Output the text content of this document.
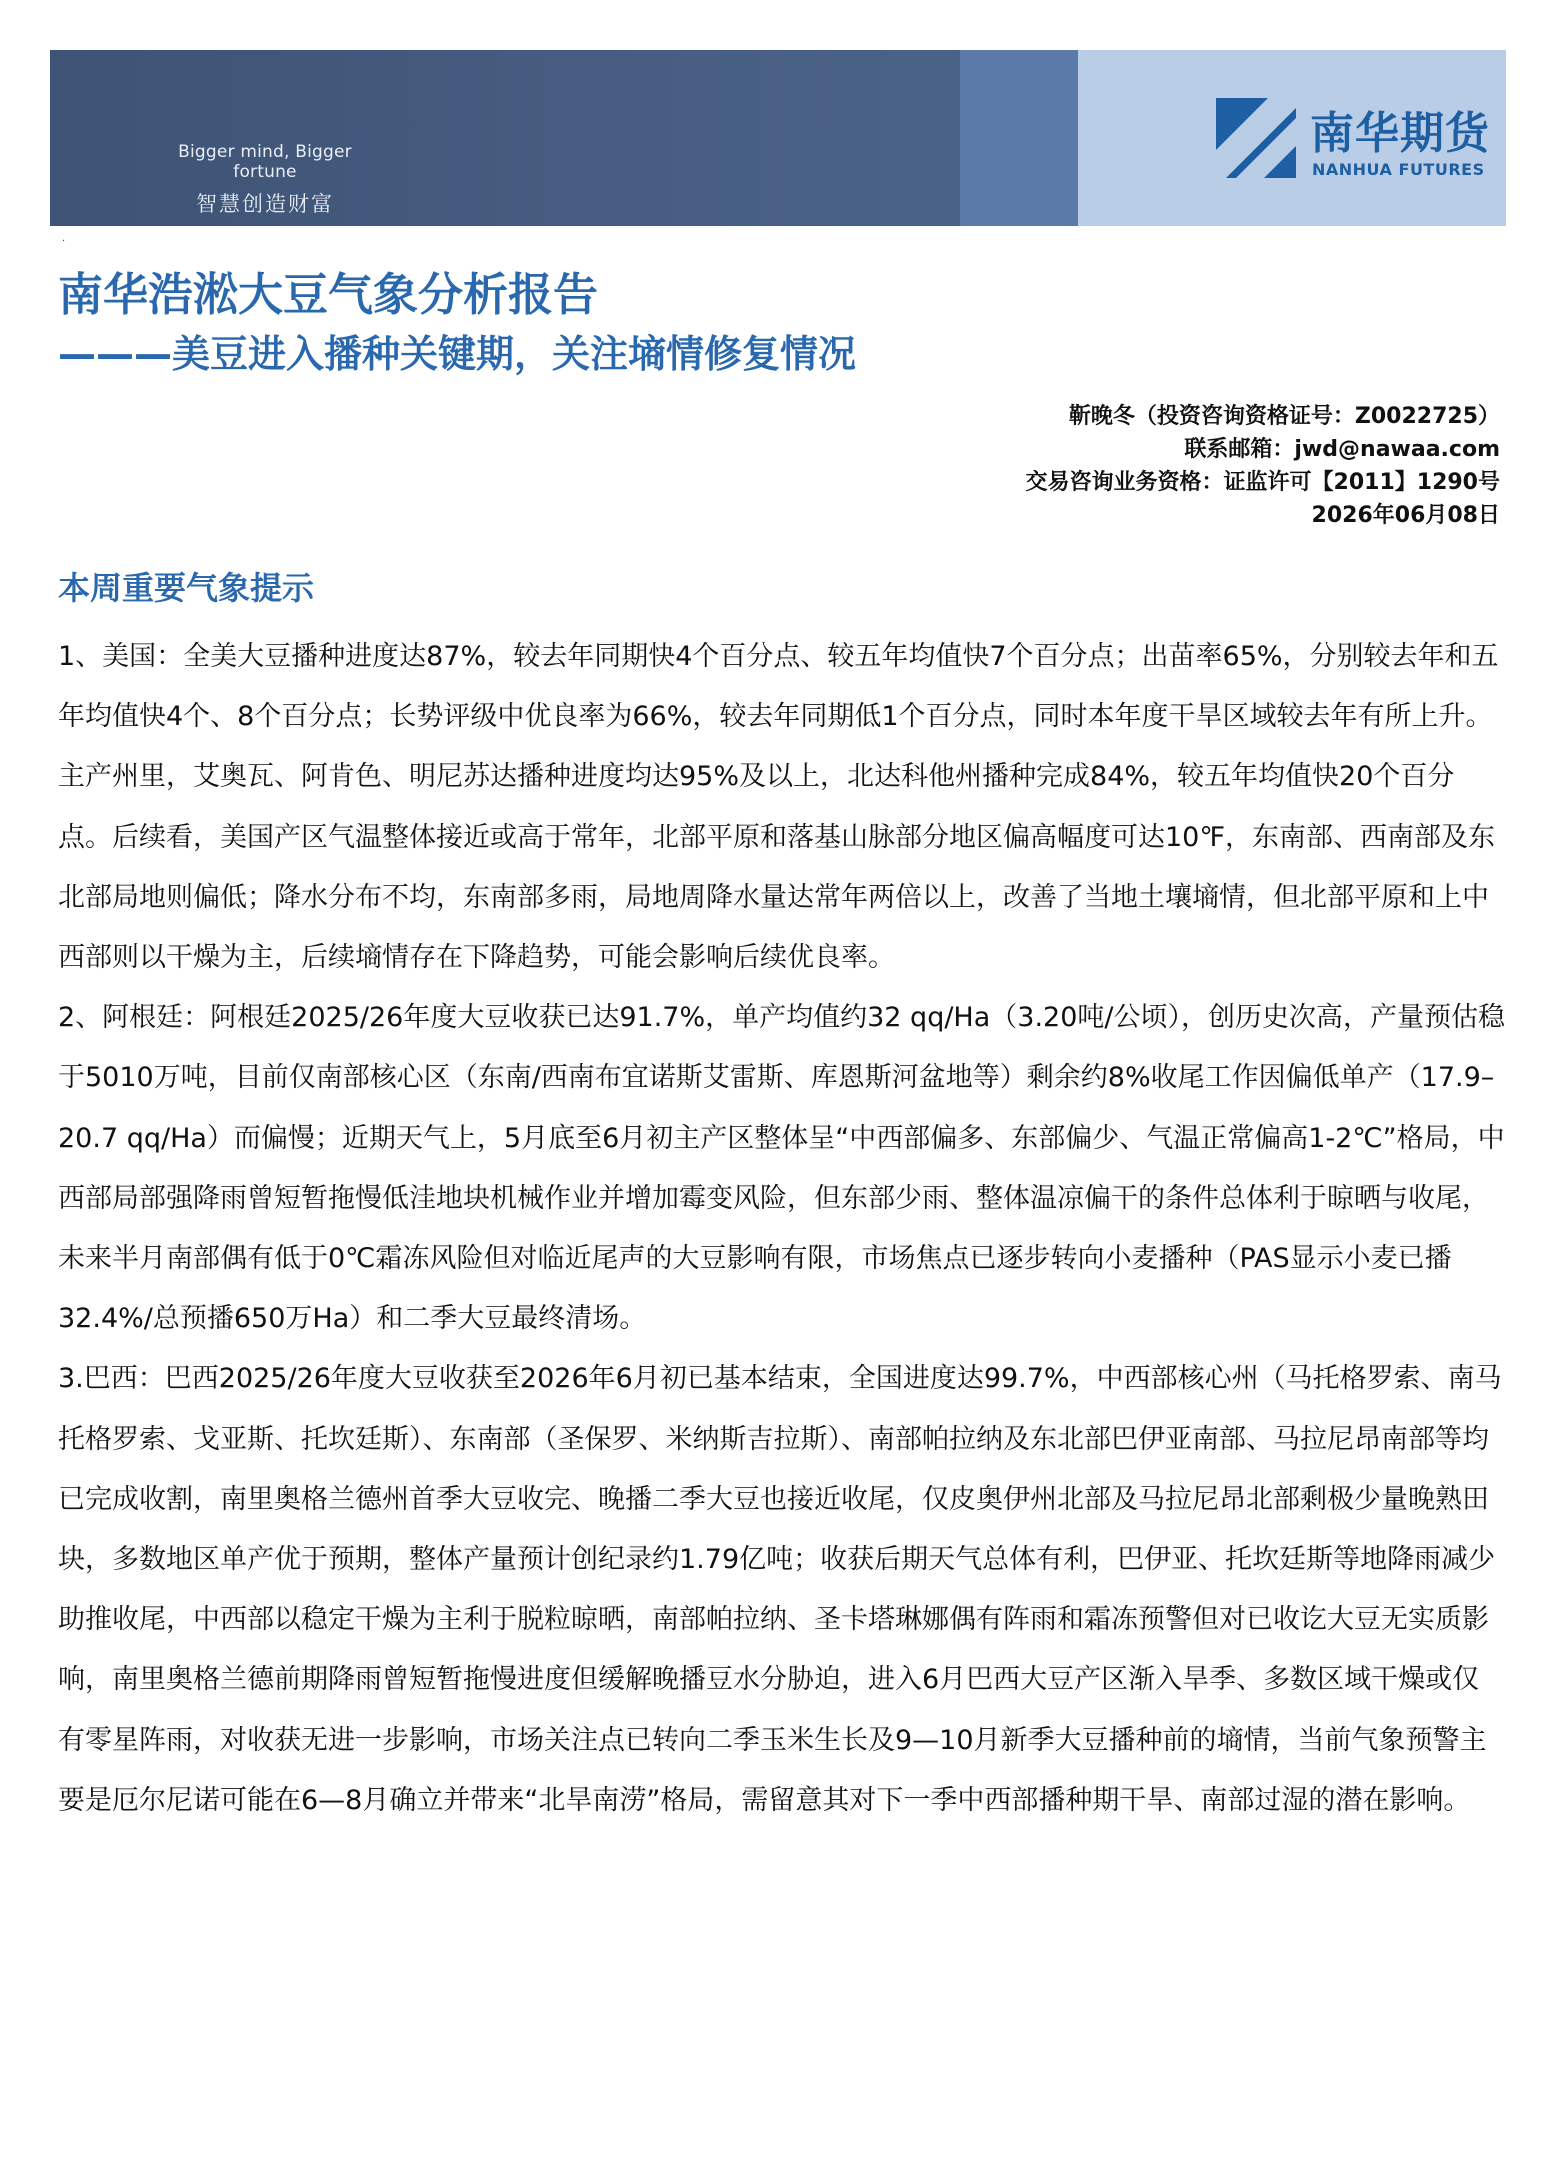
Bigger mind, Bigger fortune
智慧创造财富
南华期货
NANHUA FUTURES
.
南华浩淞大豆气象分析报告
———美豆进入播种关键期，关注墒情修复情况
靳晚冬（投资咨询资格证号：Z0022725）
联系邮箱：jwd@nawaa.com
交易咨询业务资格：证监许可【2011】1290号
2026年06月08日
本周重要气象提示

1、美国：全美大豆播种进度达87%，较去年同期快4个百分点、较五年均值快7个百分点；出苗率65%，分别较去年和五年均值快4个、8个百分点；长势评级中优良率为66%，较去年同期低1个百分点，同时本年度干旱区域较去年有所上升。主产州里，艾奥瓦、阿肯色、明尼苏达播种进度均达95%及以上，北达科他州播种完成84%，较五年均值快20个百分点。后续看，美国产区气温整体接近或高于常年，北部平原和落基山脉部分地区偏高幅度可达10℉，东南部、西南部及东北部局地则偏低；降水分布不均，东南部多雨，局地周降水量达常年两倍以上，改善了当地土壤墒情，但北部平原和上中西部则以干燥为主，后续墒情存在下降趋势，可能会影响后续优良率。

2、阿根廷：阿根廷2025/26年度大豆收获已达91.7%，单产均值约32 qq/Ha（3.20吨/公顷），创历史次高，产量预估稳于5010万吨，目前仅南部核心区（东南/西南布宜诺斯艾雷斯、库恩斯河盆地等）剩余约8%收尾工作因偏低单产（17.9–20.7 qq/Ha）而偏慢；近期天气上，5月底至6月初主产区整体呈“中西部偏多、东部偏少、气温正常偏高1-2℃”格局，中西部局部强降雨曾短暂拖慢低洼地块机械作业并增加霉变风险，但东部少雨、整体温凉偏干的条件总体利于晾晒与收尾，未来半月南部偶有低于0℃霜冻风险但对临近尾声的大豆影响有限，市场焦点已逐步转向小麦播种（PAS显示小麦已播32.4%/总预播650万Ha）和二季大豆最终清场。

3.巴西：巴西2025/26年度大豆收获至2026年6月初已基本结束，全国进度达99.7%，中西部核心州（马托格罗索、南马托格罗索、戈亚斯、托坎廷斯）、东南部（圣保罗、米纳斯吉拉斯）、南部帕拉纳及东北部巴伊亚南部、马拉尼昂南部等均已完成收割，南里奥格兰德州首季大豆收完、晚播二季大豆也接近收尾，仅皮奥伊州北部及马拉尼昂北部剩极少量晚熟田块，多数地区单产优于预期，整体产量预计创纪录约1.79亿吨；收获后期天气总体有利，巴伊亚、托坎廷斯等地降雨减少助推收尾，中西部以稳定干燥为主利于脱粒晾晒，南部帕拉纳、圣卡塔琳娜偶有阵雨和霜冻预警但对已收讫大豆无实质影响，南里奥格兰德前期降雨曾短暂拖慢进度但缓解晚播豆水分胁迫，进入6月巴西大豆产区渐入旱季、多数区域干燥或仅有零星阵雨，对收获无进一步影响，市场关注点已转向二季玉米生长及9—10月新季大豆播种前的墒情，当前气象预警主要是厄尔尼诺可能在6—8月确立并带来“北旱南涝”格局，需留意其对下一季中西部播种期干旱、南部过湿的潜在影响。
